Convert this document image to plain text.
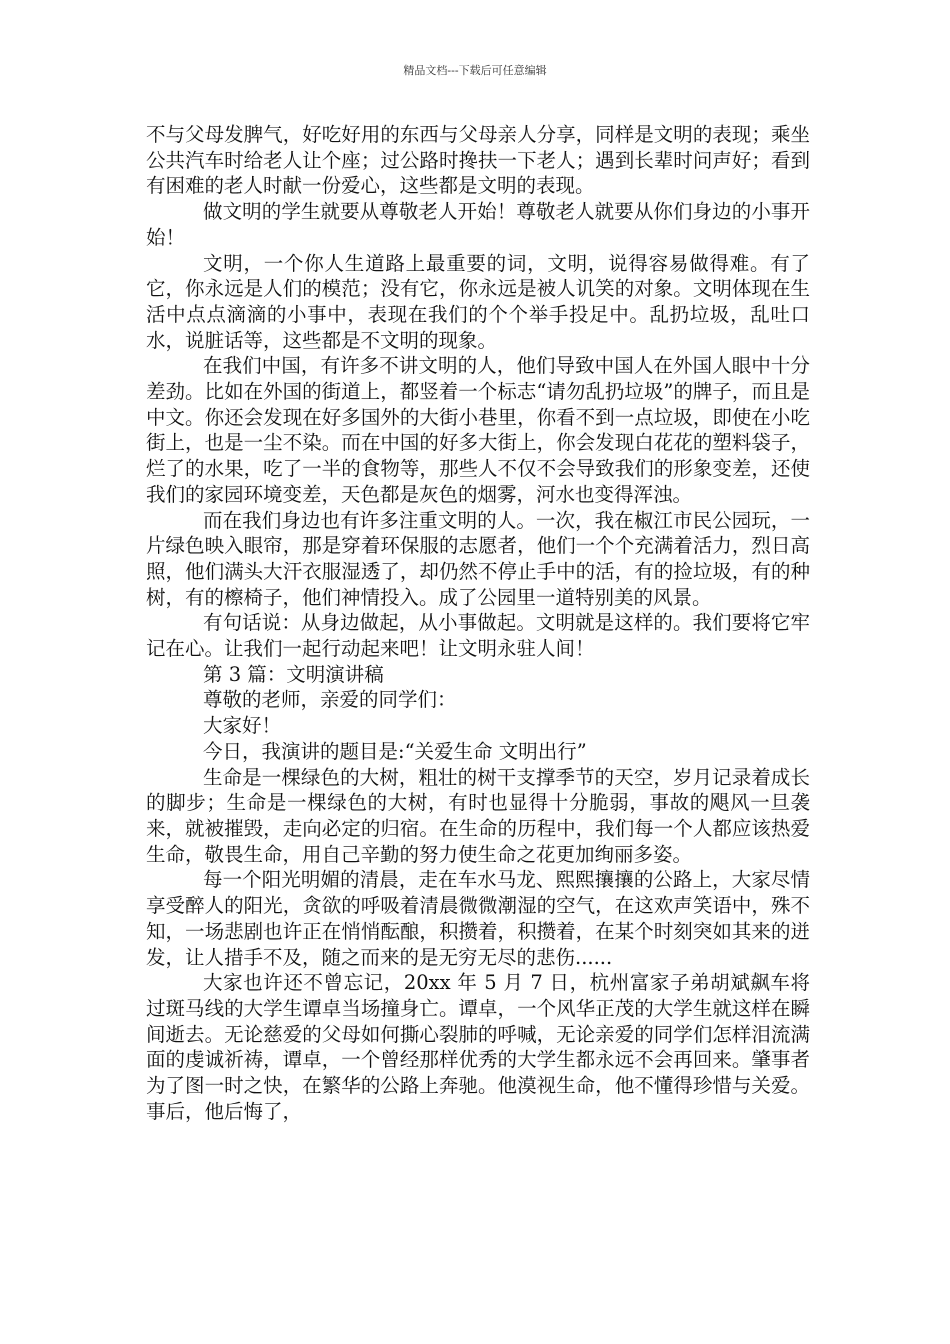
精品文档---下载后可任意编辑

不与父母发脾气，好吃好用的东西与父母亲人分享，同样是文明的表现；乘坐公共汽车时给老人让个座；过公路时搀扶一下老人；遇到长辈时问声好；看到有困难的老人时献一份爱心，这些都是文明的表现。

做文明的学生就要从尊敬老人开始！尊敬老人就要从你们身边的小事开始！

文明，一个你人生道路上最重要的词，文明，说得容易做得难。有了它，你永远是人们的模范；没有它，你永远是被人讥笑的对象。文明体现在生活中点点滴滴的小事中，表现在我们的个个举手投足中。乱扔垃圾，乱吐口水，说脏话等，这些都是不文明的现象。

在我们中国，有许多不讲文明的人，他们导致中国人在外国人眼中十分差劲。比如在外国的街道上，都竖着一个标志“请勿乱扔垃圾”的牌子，而且是中文。你还会发现在好多国外的大街小巷里，你看不到一点垃圾，即使在小吃街上，也是一尘不染。而在中国的好多大街上，你会发现白花花的塑料袋子，烂了的水果，吃了一半的食物等，那些人不仅不会导致我们的形象变差，还使我们的家园环境变差，天色都是灰色的烟雾，河水也变得浑浊。

而在我们身边也有许多注重文明的人。一次，我在椒江市民公园玩，一片绿色映入眼帘，那是穿着环保服的志愿者，他们一个个充满着活力，烈日高照，他们满头大汗衣服湿透了，却仍然不停止手中的活，有的捡垃圾，有的种树，有的檫椅子，他们神情投入。成了公园里一道特别美的风景。

有句话说：从身边做起，从小事做起。文明就是这样的。我们要将它牢记在心。让我们一起行动起来吧！让文明永驻人间！

第 3 篇：文明演讲稿

尊敬的老师，亲爱的同学们：

大家好！

今日，我演讲的题目是:“关爱生命 文明出行”

生命是一棵绿色的大树，粗壮的树干支撑季节的天空，岁月记录着成长的脚步；生命是一棵绿色的大树，有时也显得十分脆弱，事故的飓风一旦袭来，就被摧毁，走向必定的归宿。在生命的历程中，我们每一个人都应该热爱生命，敬畏生命，用自己辛勤的努力使生命之花更加绚丽多姿。

每一个阳光明媚的清晨，走在车水马龙、熙熙攘攘的公路上，大家尽情享受醉人的阳光，贪欲的呼吸着清晨微微潮湿的空气，在这欢声笑语中，殊不知，一场悲剧也许正在悄悄酝酿，积攒着，积攒着，在某个时刻突如其来的迸发，让人措手不及，随之而来的是无穷无尽的悲伤......

大家也许还不曾忘记，20xx 年 5 月 7 日，杭州富家子弟胡斌飙车将过斑马线的大学生谭卓当场撞身亡。谭卓，一个风华正茂的大学生就这样在瞬间逝去。无论慈爱的父母如何撕心裂肺的呼喊，无论亲爱的同学们怎样泪流满面的虔诚祈祷，谭卓，一个曾经那样优秀的大学生都永远不会再回来。肇事者为了图一时之快，在繁华的公路上奔驰。他漠视生命，他不懂得珍惜与关爱。事后，他后悔了，
